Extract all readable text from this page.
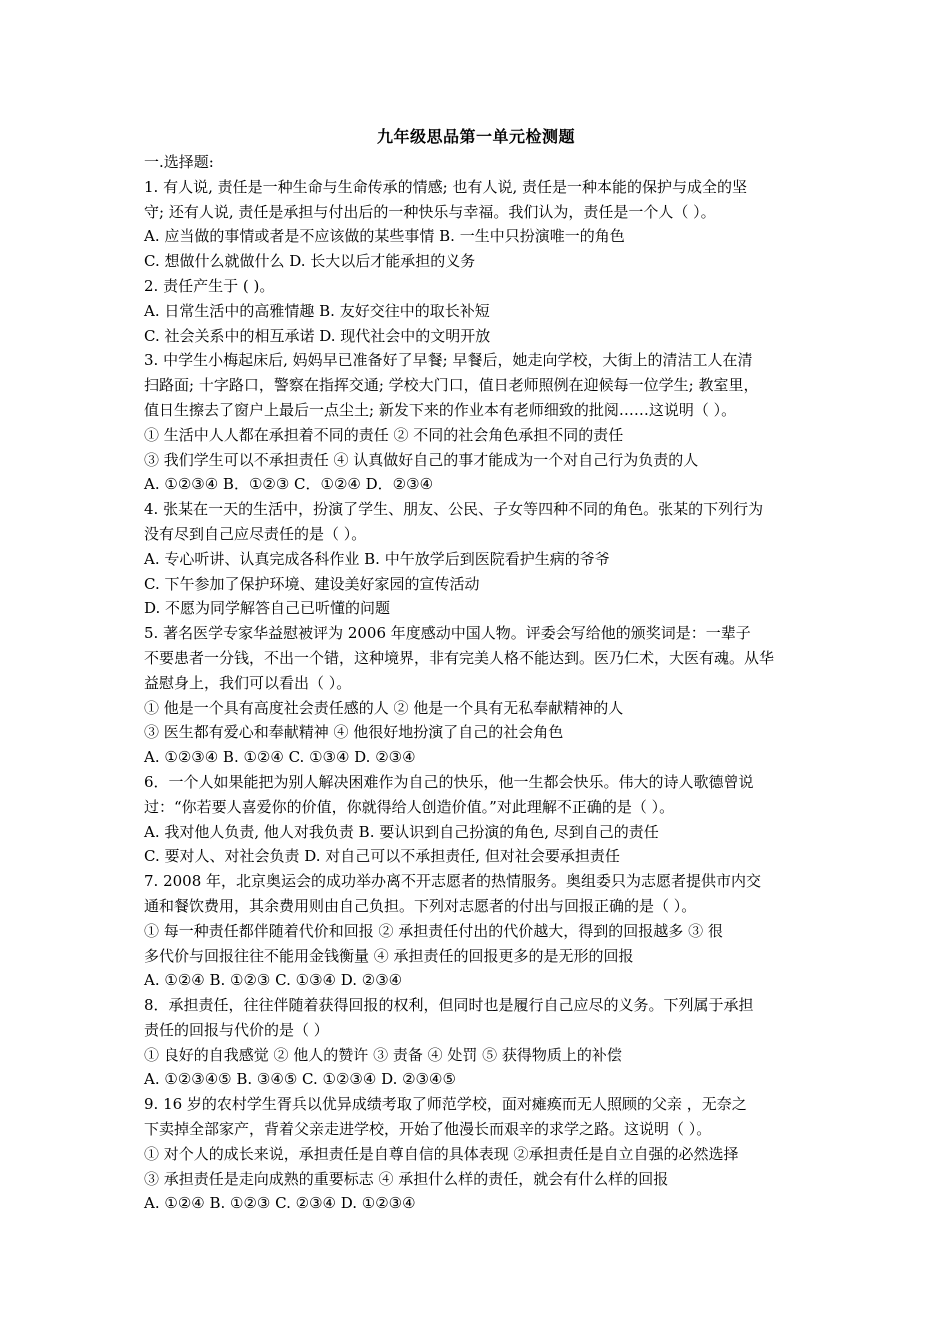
九年级思品第一单元检测题
一.选择题:
1. 有人说, 责任是一种生命与生命传承的情感; 也有人说, 责任是一种本能的保护与成全的坚
守; 还有人说, 责任是承担与付出后的一种快乐与幸福。我们认为，责任是一个人（ ）。
A. 应当做的事情或者是不应该做的某些事情 B. 一生中只扮演唯一的角色
C. 想做什么就做什么 D. 长大以后才能承担的义务
2. 责任产生于 ( )。
A. 日常生活中的高雅情趣 B. 友好交往中的取长补短
C. 社会关系中的相互承诺 D. 现代社会中的文明开放
3. 中学生小梅起床后, 妈妈早已准备好了早餐; 早餐后，她走向学校，大街上的清洁工人在清
扫路面; 十字路口，警察在指挥交通; 学校大门口，值日老师照例在迎候每一位学生; 教室里，
值日生擦去了窗户上最后一点尘土; 新发下来的作业本有老师细致的批阅……这说明（ ）。
① 生活中人人都在承担着不同的责任 ② 不同的社会角色承担不同的责任
③ 我们学生可以不承担责任 ④ 认真做好自己的事才能成为一个对自己行为负责的人
A. ①②③④ B．①②③ C．①②④ D．②③④
4. 张某在一天的生活中，扮演了学生、朋友、公民、子女等四种不同的角色。张某的下列行为
没有尽到自己应尽责任的是（ ）。
A. 专心听讲、认真完成各科作业 B. 中午放学后到医院看护生病的爷爷
C. 下午参加了保护环境、建设美好家园的宣传活动
D. 不愿为同学解答自己已听懂的问题
5. 著名医学专家华益慰被评为 2006 年度感动中国人物。评委会写给他的颁奖词是：一辈子
不要患者一分钱，不出一个错，这种境界，非有完美人格不能达到。医乃仁术，大医有魂。从华
益慰身上，我们可以看出（ ）。
① 他是一个具有高度社会责任感的人 ② 他是一个具有无私奉献精神的人
③ 医生都有爱心和奉献精神 ④ 他很好地扮演了自己的社会角色
A. ①②③④ B. ①②④ C. ①③④ D. ②③④
6．一个人如果能把为别人解决困难作为自己的快乐，他一生都会快乐。伟大的诗人歌德曾说
过：“你若要人喜爱你的价值，你就得给人创造价值。”对此理解不正确的是（ ）。
A. 我对他人负责, 他人对我负责 B. 要认识到自己扮演的角色, 尽到自己的责任
C. 要对人、对社会负责 D. 对自己可以不承担责任, 但对社会要承担责任
7. 2008 年，北京奥运会的成功举办离不开志愿者的热情服务。奥组委只为志愿者提供市内交
通和餐饮费用，其余费用则由自己负担。下列对志愿者的付出与回报正确的是（ ）。
① 每一种责任都伴随着代价和回报 ② 承担责任付出的代价越大，得到的回报越多 ③ 很
多代价与回报往往不能用金钱衡量 ④ 承担责任的回报更多的是无形的回报
A. ①②④ B. ①②③ C. ①③④ D. ②③④
8．承担责任，往往伴随着获得回报的权利，但同时也是履行自己应尽的义务。下列属于承担
责任的回报与代价的是（ ）
① 良好的自我感觉 ② 他人的赞许 ③ 责备 ④ 处罚 ⑤ 获得物质上的补偿
A. ①②③④⑤ B. ③④⑤ C. ①②③④ D. ②③④⑤
9. 16 岁的农村学生胥兵以优异成绩考取了师范学校，面对瘫痪而无人照顾的父亲 ，无奈之
下卖掉全部家产，背着父亲走进学校，开始了他漫长而艰辛的求学之路。这说明（ ）。
① 对个人的成长来说，承担责任是自尊自信的具体表现 ②承担责任是自立自强的必然选择
③ 承担责任是走向成熟的重要标志 ④ 承担什么样的责任，就会有什么样的回报
A. ①②④ B. ①②③ C. ②③④ D. ①②③④
